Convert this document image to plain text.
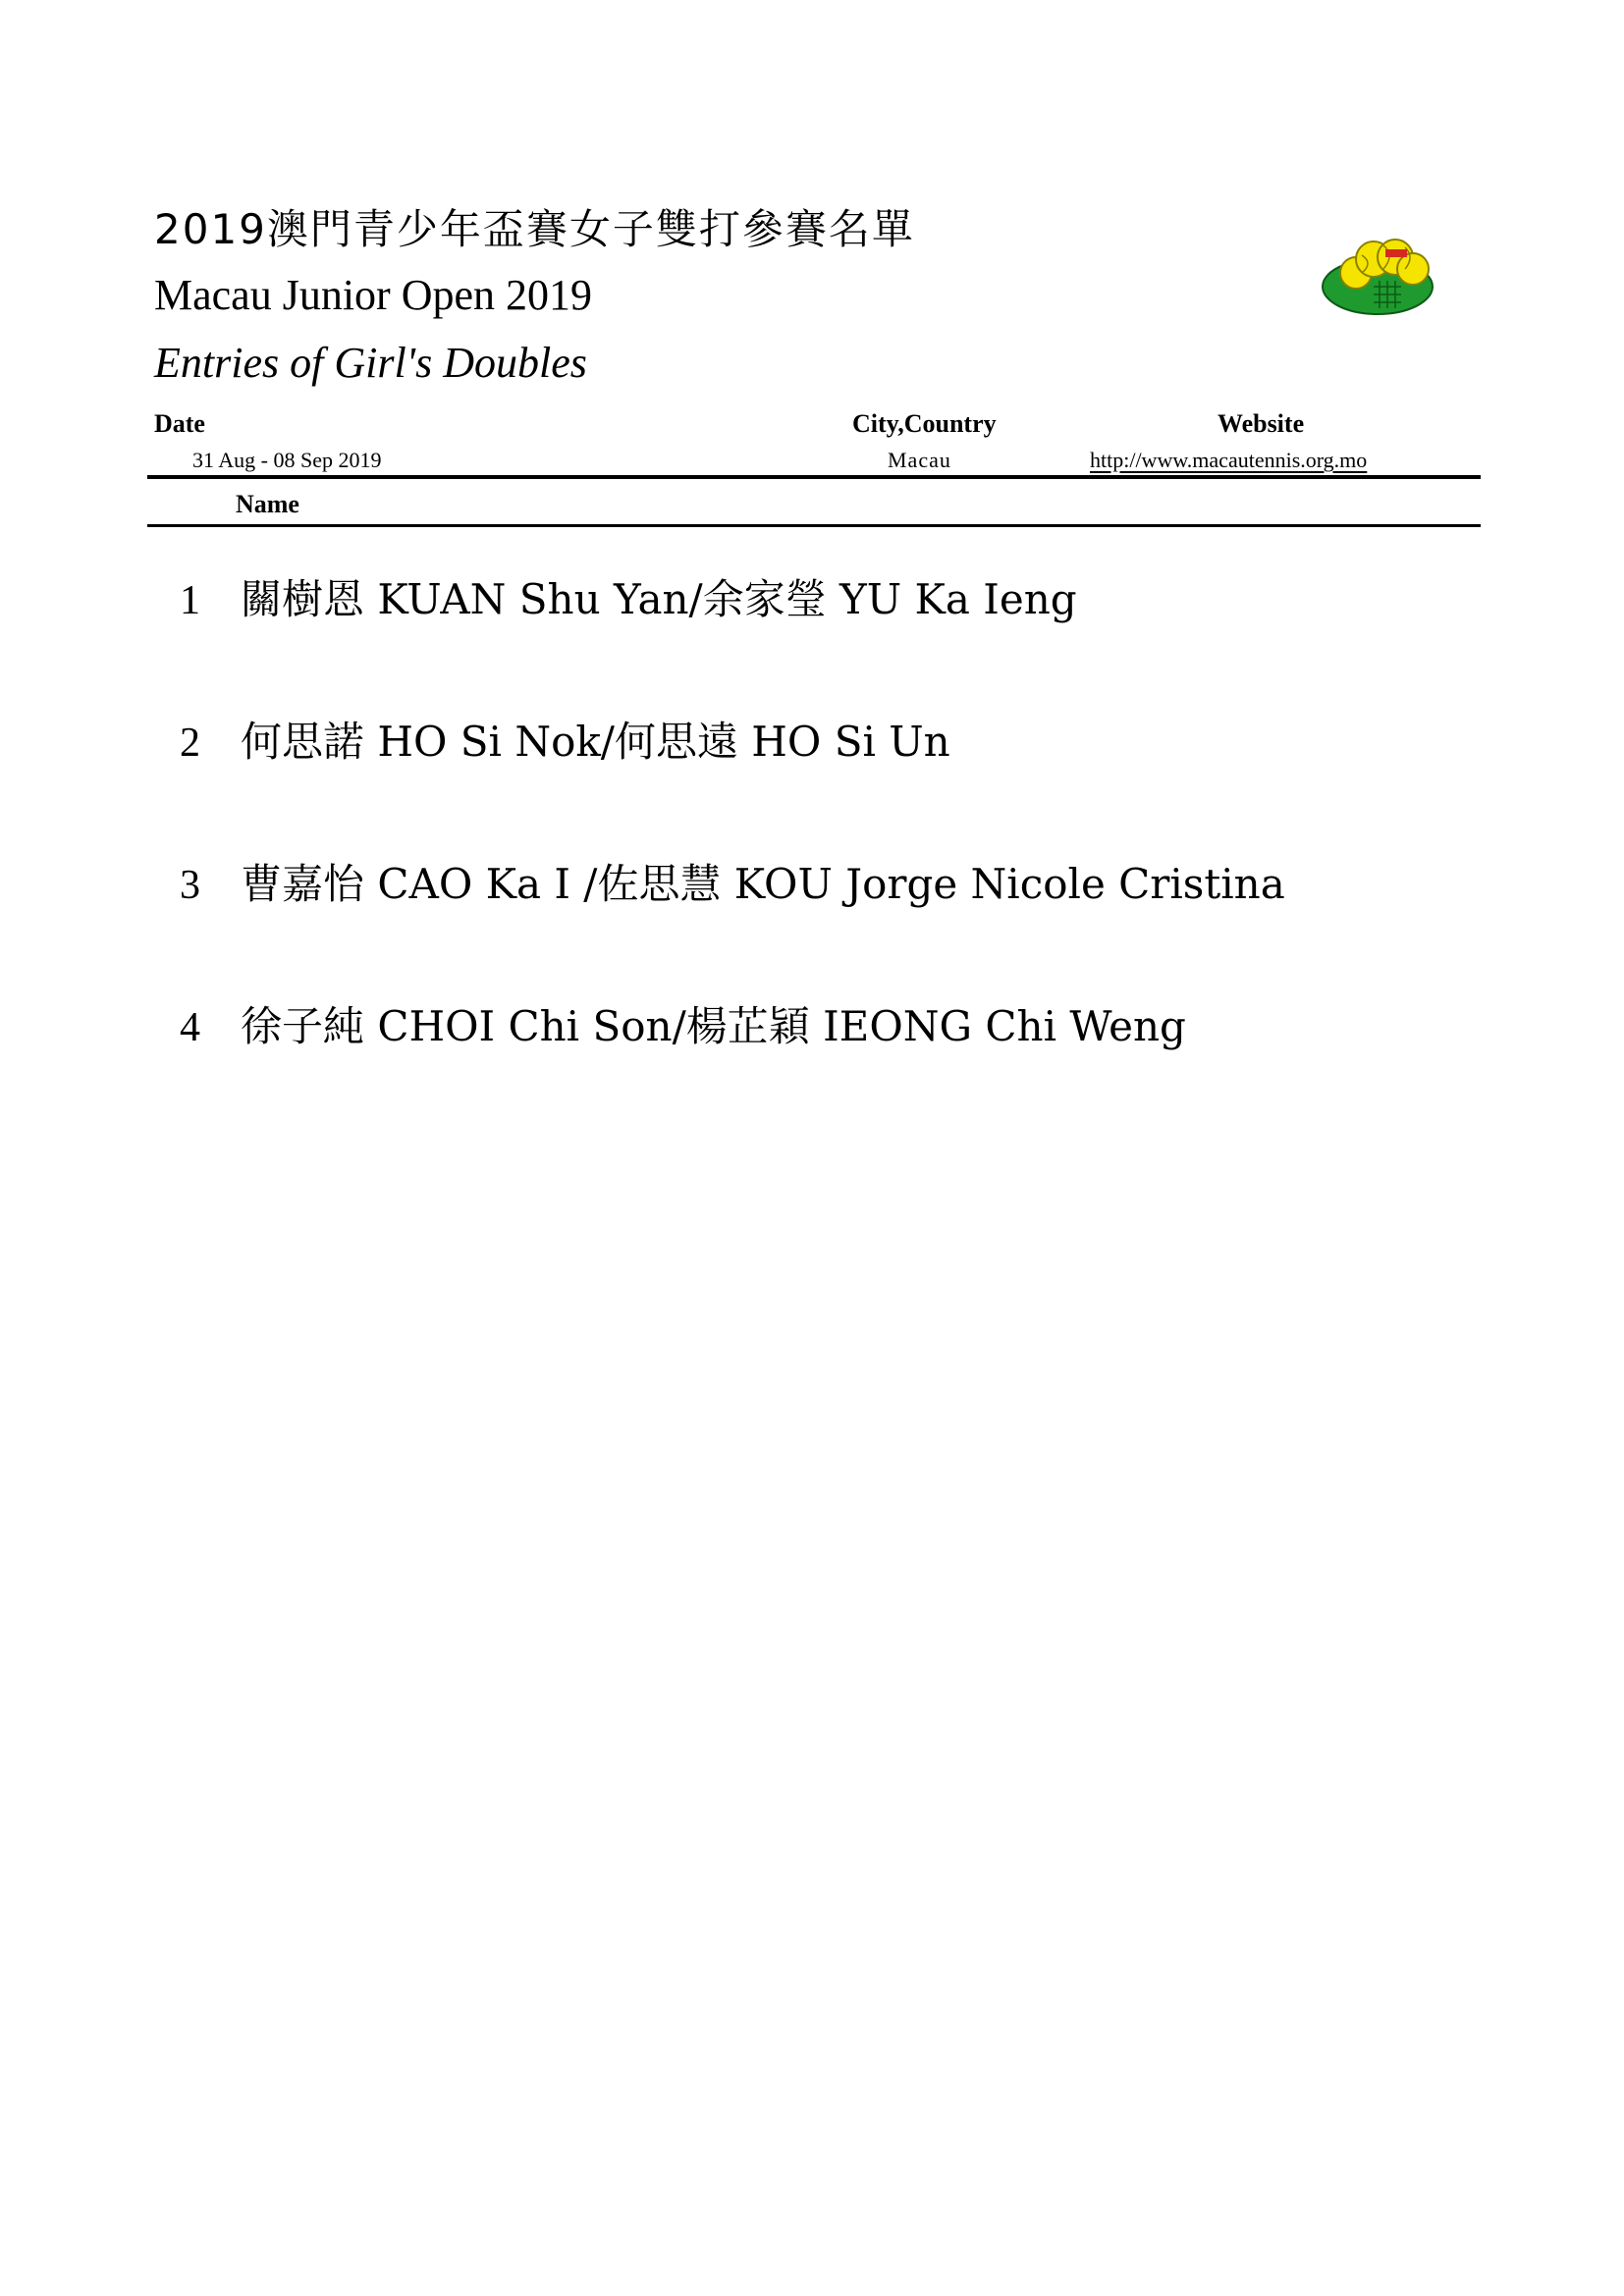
2019澳門青少年盃賽女子雙打參賽名單
Macau Junior Open 2019
Entries of Girl's Doubles
Date	City,Country	Website
31 Aug - 08 Sep 2019	Macau	http://www.macautennis.org.mo
Name
1 關樹恩 KUAN Shu Yan/余家瑩 YU Ka Ieng
2 何思諾 HO Si Nok/何思遠 HO Si Un
3 曹嘉怡 CAO Ka I /佐思慧 KOU Jorge Nicole Cristina
4 徐子純 CHOI Chi Son/楊芷穎 IEONG Chi Weng
